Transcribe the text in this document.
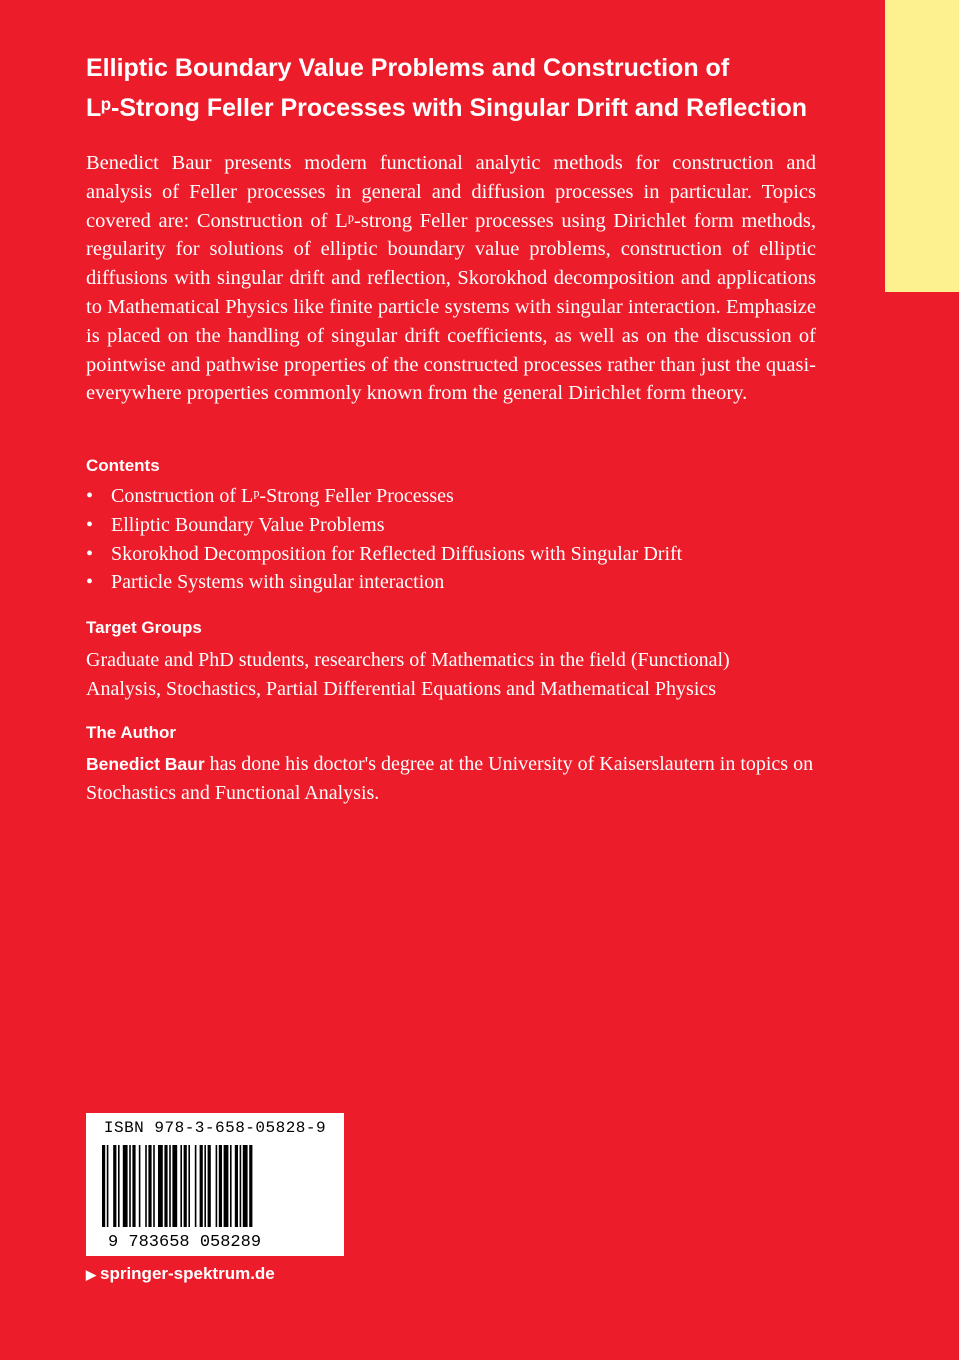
Elliptic Boundary Value Problems and Construction of
Lᵖ-Strong Feller Processes with Singular Drift and Reflection

Benedict Baur presents modern functional analytic methods for construction and analysis of Feller processes in general and diffusion processes in particular. Topics covered are: Construction of Lᵖ-strong Feller processes using Dirichlet form methods, regularity for solutions of elliptic boundary value problems, construction of elliptic diffusions with singular drift and reflection, Skorokhod decomposition and applications to Mathematical Physics like finite particle systems with singular interaction. Emphasize is placed on the handling of singular drift coefficients, as well as on the discussion of pointwise and pathwise properties of the constructed processes rather than just the quasi-everywhere properties commonly known from the general Dirichlet form theory.

Contents
• Construction of Lᵖ-Strong Feller Processes
• Elliptic Boundary Value Problems
• Skorokhod Decomposition for Reflected Diffusions with Singular Drift
• Particle Systems with singular interaction
Target Groups

Graduate and PhD students, researchers of Mathematics in the field (Functional) Analysis, Stochastics, Partial Differential Equations and Mathematical Physics

The Author

Benedict Baur has done his doctor's degree at the University of Kaiserslautern in topics on Stochastics and Functional Analysis.

ISBN 978-3-658-05828-9
9 783658 058289
▶ springer-spektrum.de
